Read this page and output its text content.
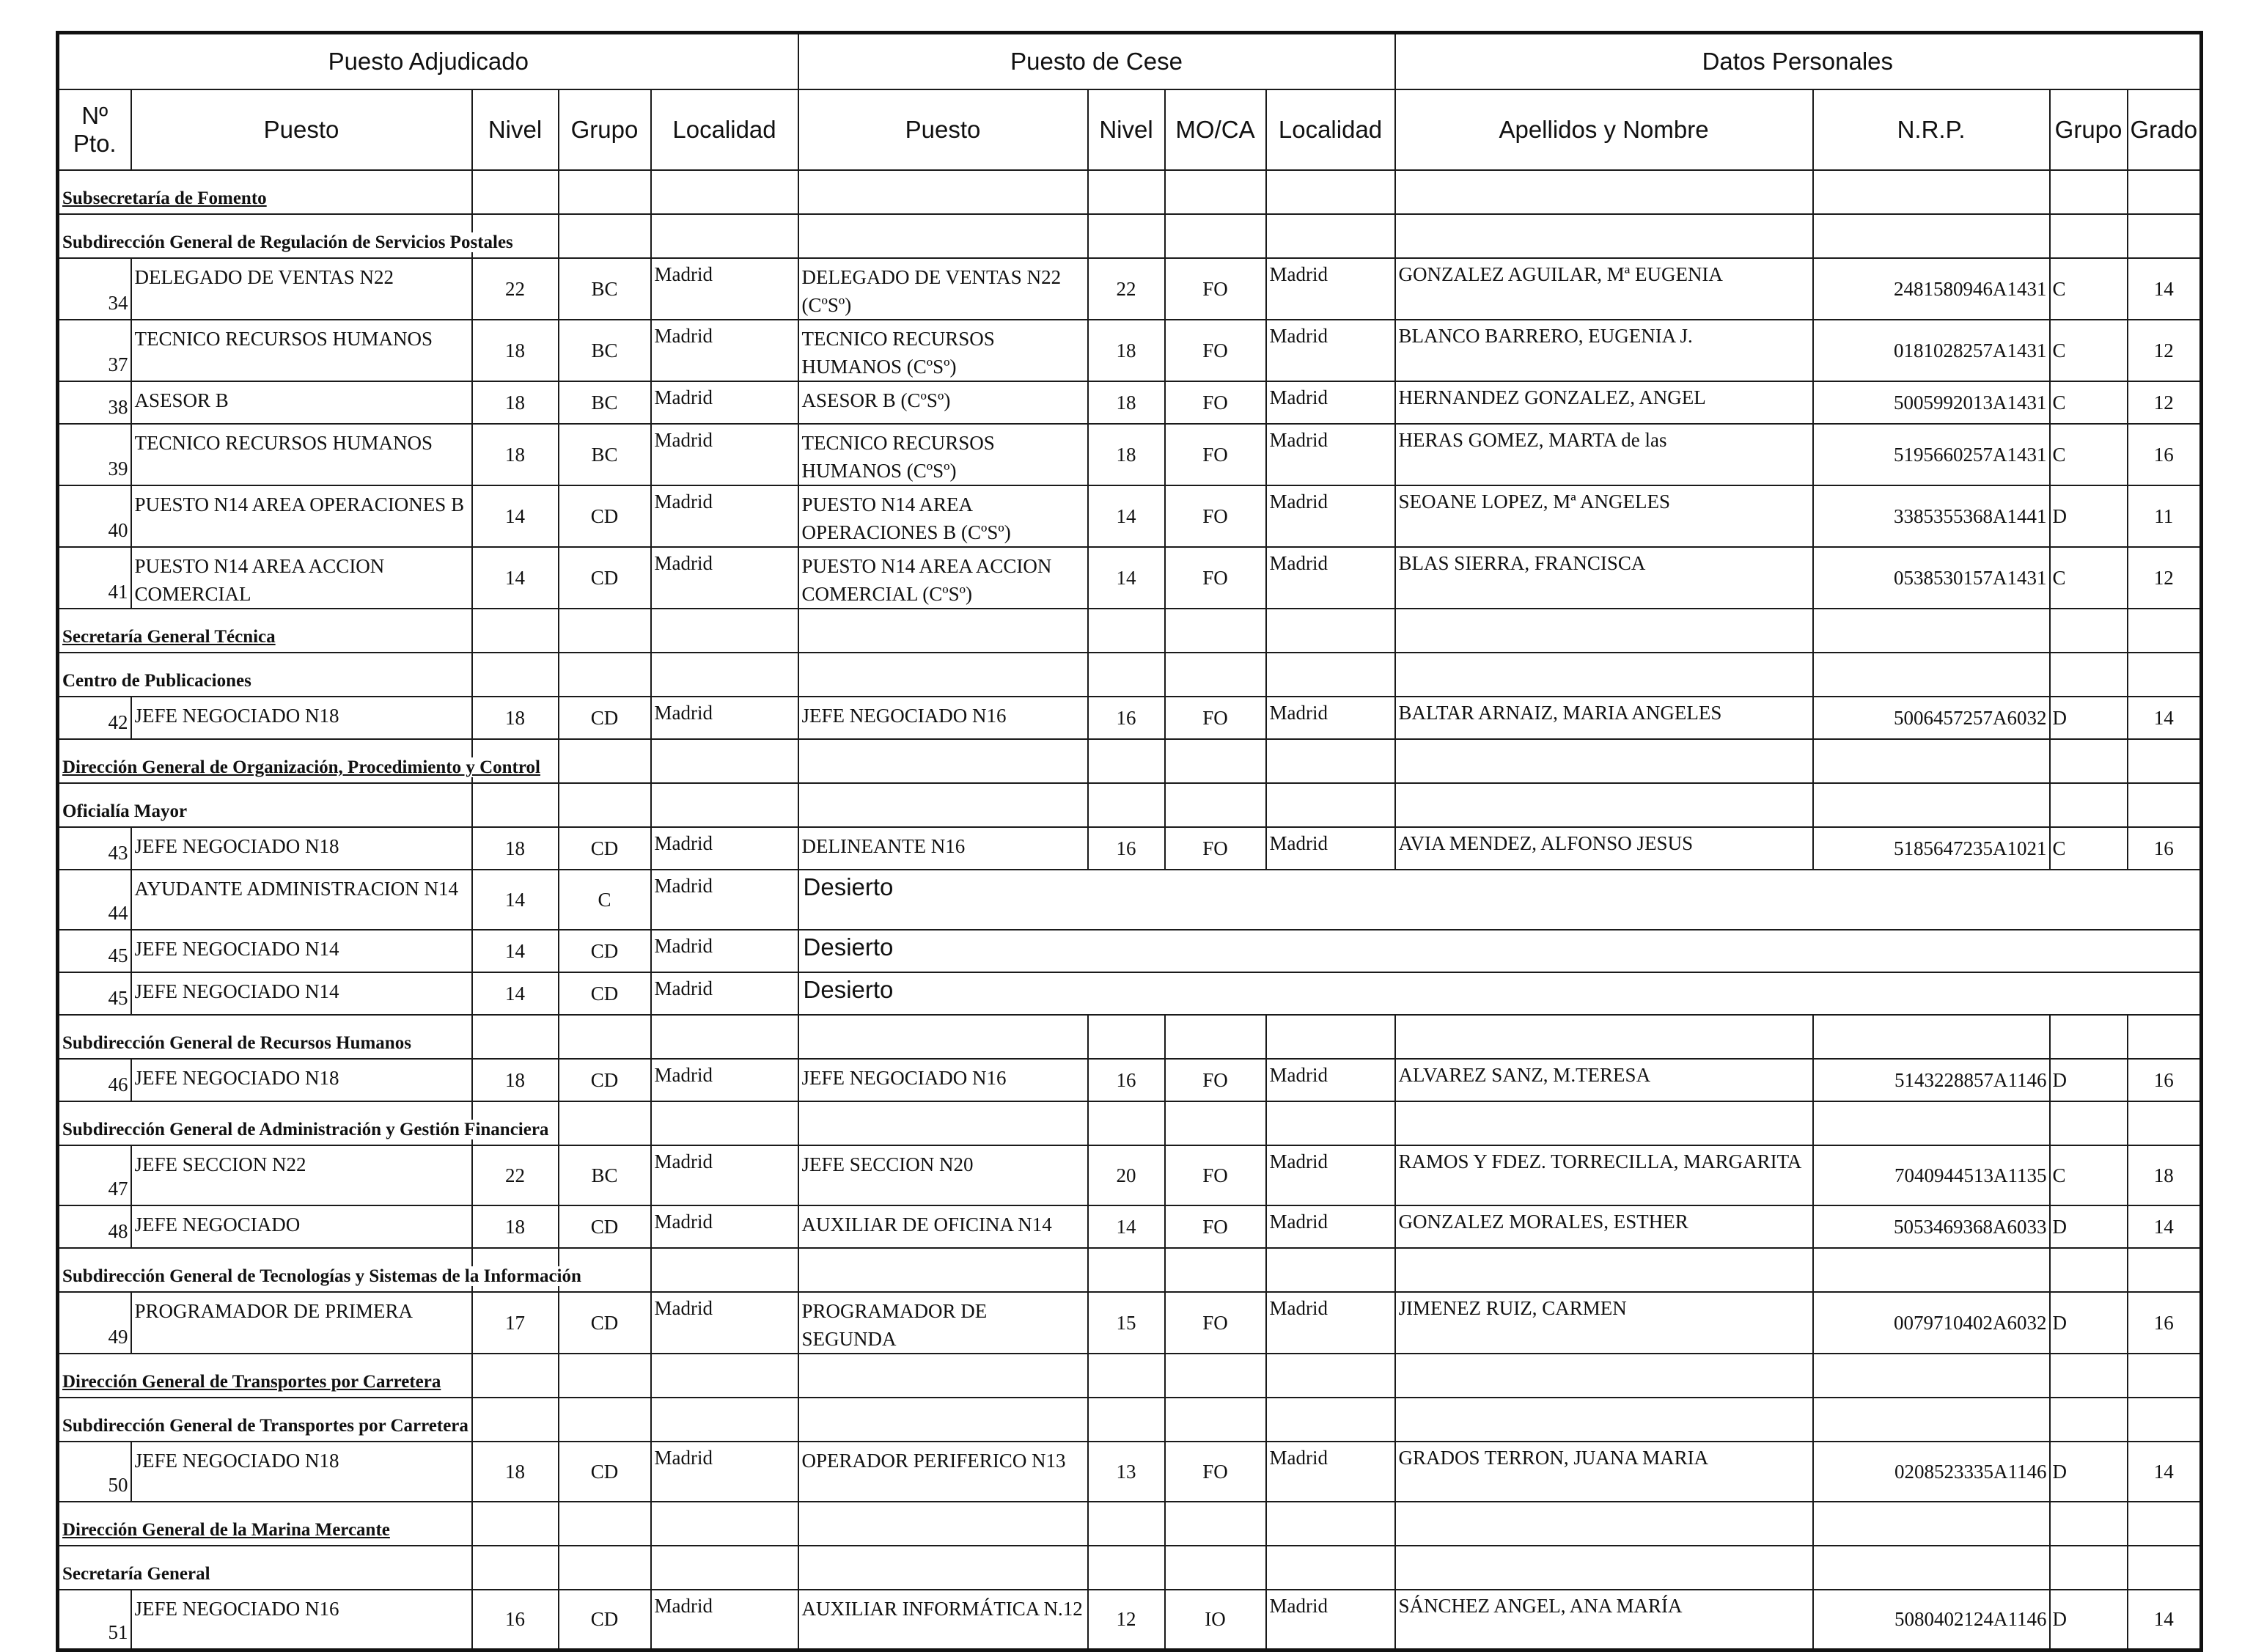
Puesto Adjudicado					Puesto de Cese				Datos Personales			
Nº Pto.	Puesto	Nivel	Grupo	Localidad	Puesto	Nivel	MO/CA	Localidad	Apellidos y Nombre	N.R.P.	Grupo	Grado
Subsecretaría de Fomento												
Subdirección General de Regulación de Servicios Postales												
34	DELEGADO DE VENTAS N22	22	BC	Madrid	DELEGADO DE VENTAS N22 (CºSº)	22	FO	Madrid	GONZALEZ AGUILAR, Mª EUGENIA	2481580946A1431	C	14
37	TECNICO RECURSOS HUMANOS	18	BC	Madrid	TECNICO RECURSOS HUMANOS (CºSº)	18	FO	Madrid	BLANCO BARRERO, EUGENIA J.	0181028257A1431	C	12
38	ASESOR B	18	BC	Madrid	ASESOR B (CºSº)	18	FO	Madrid	HERNANDEZ GONZALEZ, ANGEL	5005992013A1431	C	12
39	TECNICO RECURSOS HUMANOS	18	BC	Madrid	TECNICO RECURSOS HUMANOS (CºSº)	18	FO	Madrid	HERAS GOMEZ, MARTA de las	5195660257A1431	C	16
40	PUESTO N14 AREA OPERACIONES B	14	CD	Madrid	PUESTO N14 AREA OPERACIONES B (CºSº)	14	FO	Madrid	SEOANE LOPEZ, Mª ANGELES	3385355368A1441	D	11
41	PUESTO N14 AREA ACCION COMERCIAL	14	CD	Madrid	PUESTO N14 AREA ACCION COMERCIAL (CºSº)	14	FO	Madrid	BLAS SIERRA, FRANCISCA	0538530157A1431	C	12
Secretaría General Técnica												
Centro de Publicaciones												
42	JEFE NEGOCIADO N18	18	CD	Madrid	JEFE NEGOCIADO N16	16	FO	Madrid	BALTAR ARNAIZ, MARIA ANGELES	5006457257A6032	D	14
Dirección General de Organización, Procedimiento y Control												
Oficialía Mayor												
43	JEFE NEGOCIADO N18	18	CD	Madrid	DELINEANTE N16	16	FO	Madrid	AVIA MENDEZ, ALFONSO JESUS	5185647235A1021	C	16
44	AYUDANTE ADMINISTRACION N14	14	C	Madrid	Desierto							
45	JEFE NEGOCIADO N14	14	CD	Madrid	Desierto							
45	JEFE NEGOCIADO N14	14	CD	Madrid	Desierto							
Subdirección General de Recursos Humanos												
46	JEFE NEGOCIADO N18	18	CD	Madrid	JEFE NEGOCIADO N16	16	FO	Madrid	ALVAREZ SANZ, M.TERESA	5143228857A1146	D	16
Subdirección General de Administración y Gestión Financiera												
47	JEFE SECCION N22	22	BC	Madrid	JEFE SECCION N20	20	FO	Madrid	RAMOS Y FDEZ. TORRECILLA, MARGARITA	7040944513A1135	C	18
48	JEFE NEGOCIADO	18	CD	Madrid	AUXILIAR DE OFICINA N14	14	FO	Madrid	GONZALEZ MORALES, ESTHER	5053469368A6033	D	14
Subdirección General de Tecnologías y Sistemas de la Información												
49	PROGRAMADOR DE PRIMERA	17	CD	Madrid	PROGRAMADOR DE SEGUNDA	15	FO	Madrid	JIMENEZ RUIZ, CARMEN	0079710402A6032	D	16
Dirección General de Transportes por Carretera												
Subdirección General de Transportes por Carretera												
50	JEFE NEGOCIADO N18	18	CD	Madrid	OPERADOR PERIFERICO N13	13	FO	Madrid	GRADOS TERRON, JUANA MARIA	0208523335A1146	D	14
Dirección General de la Marina Mercante												
Secretaría General												
51	JEFE NEGOCIADO N16	16	CD	Madrid	AUXILIAR INFORMÁTICA N.12	12	IO	Madrid	SÁNCHEZ ANGEL, ANA MARÍA	5080402124A1146	D	14
